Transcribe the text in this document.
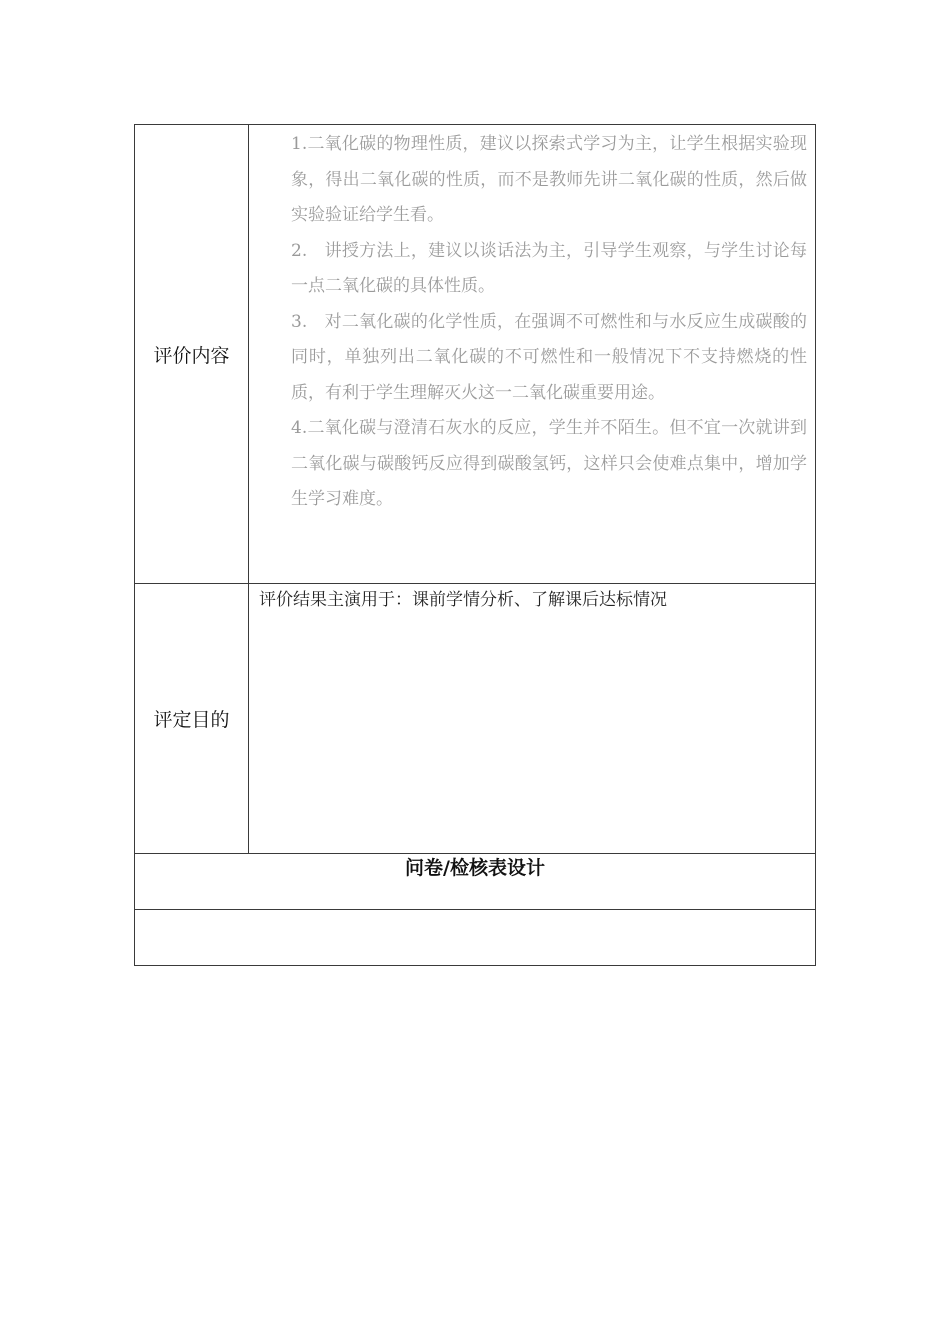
评价内容	1.二氧化碳的物理性质，建议以探索式学习为主，让学生根据实验现象，得出二氧化碳的性质，而不是教师先讲二氧化碳的性质，然后做实验验证给学生看。

2.　讲授方法上，建议以谈话法为主，引导学生观察，与学生讨论每一点二氧化碳的具体性质。

3.　对二氧化碳的化学性质，在强调不可燃性和与水反应生成碳酸的同时，单独列出二氧化碳的不可燃性和一般情况下不支持燃烧的性质，有利于学生理解灭火这一二氧化碳重要用途。

4.二氧化碳与澄清石灰水的反应，学生并不陌生。但不宜一次就讲到二氧化碳与碳酸钙反应得到碳酸氢钙，这样只会使难点集中，增加学生学习难度。

评定目的	评价结果主演用于：课前学情分析、了解课后达标情况
问卷/检核表设计	
